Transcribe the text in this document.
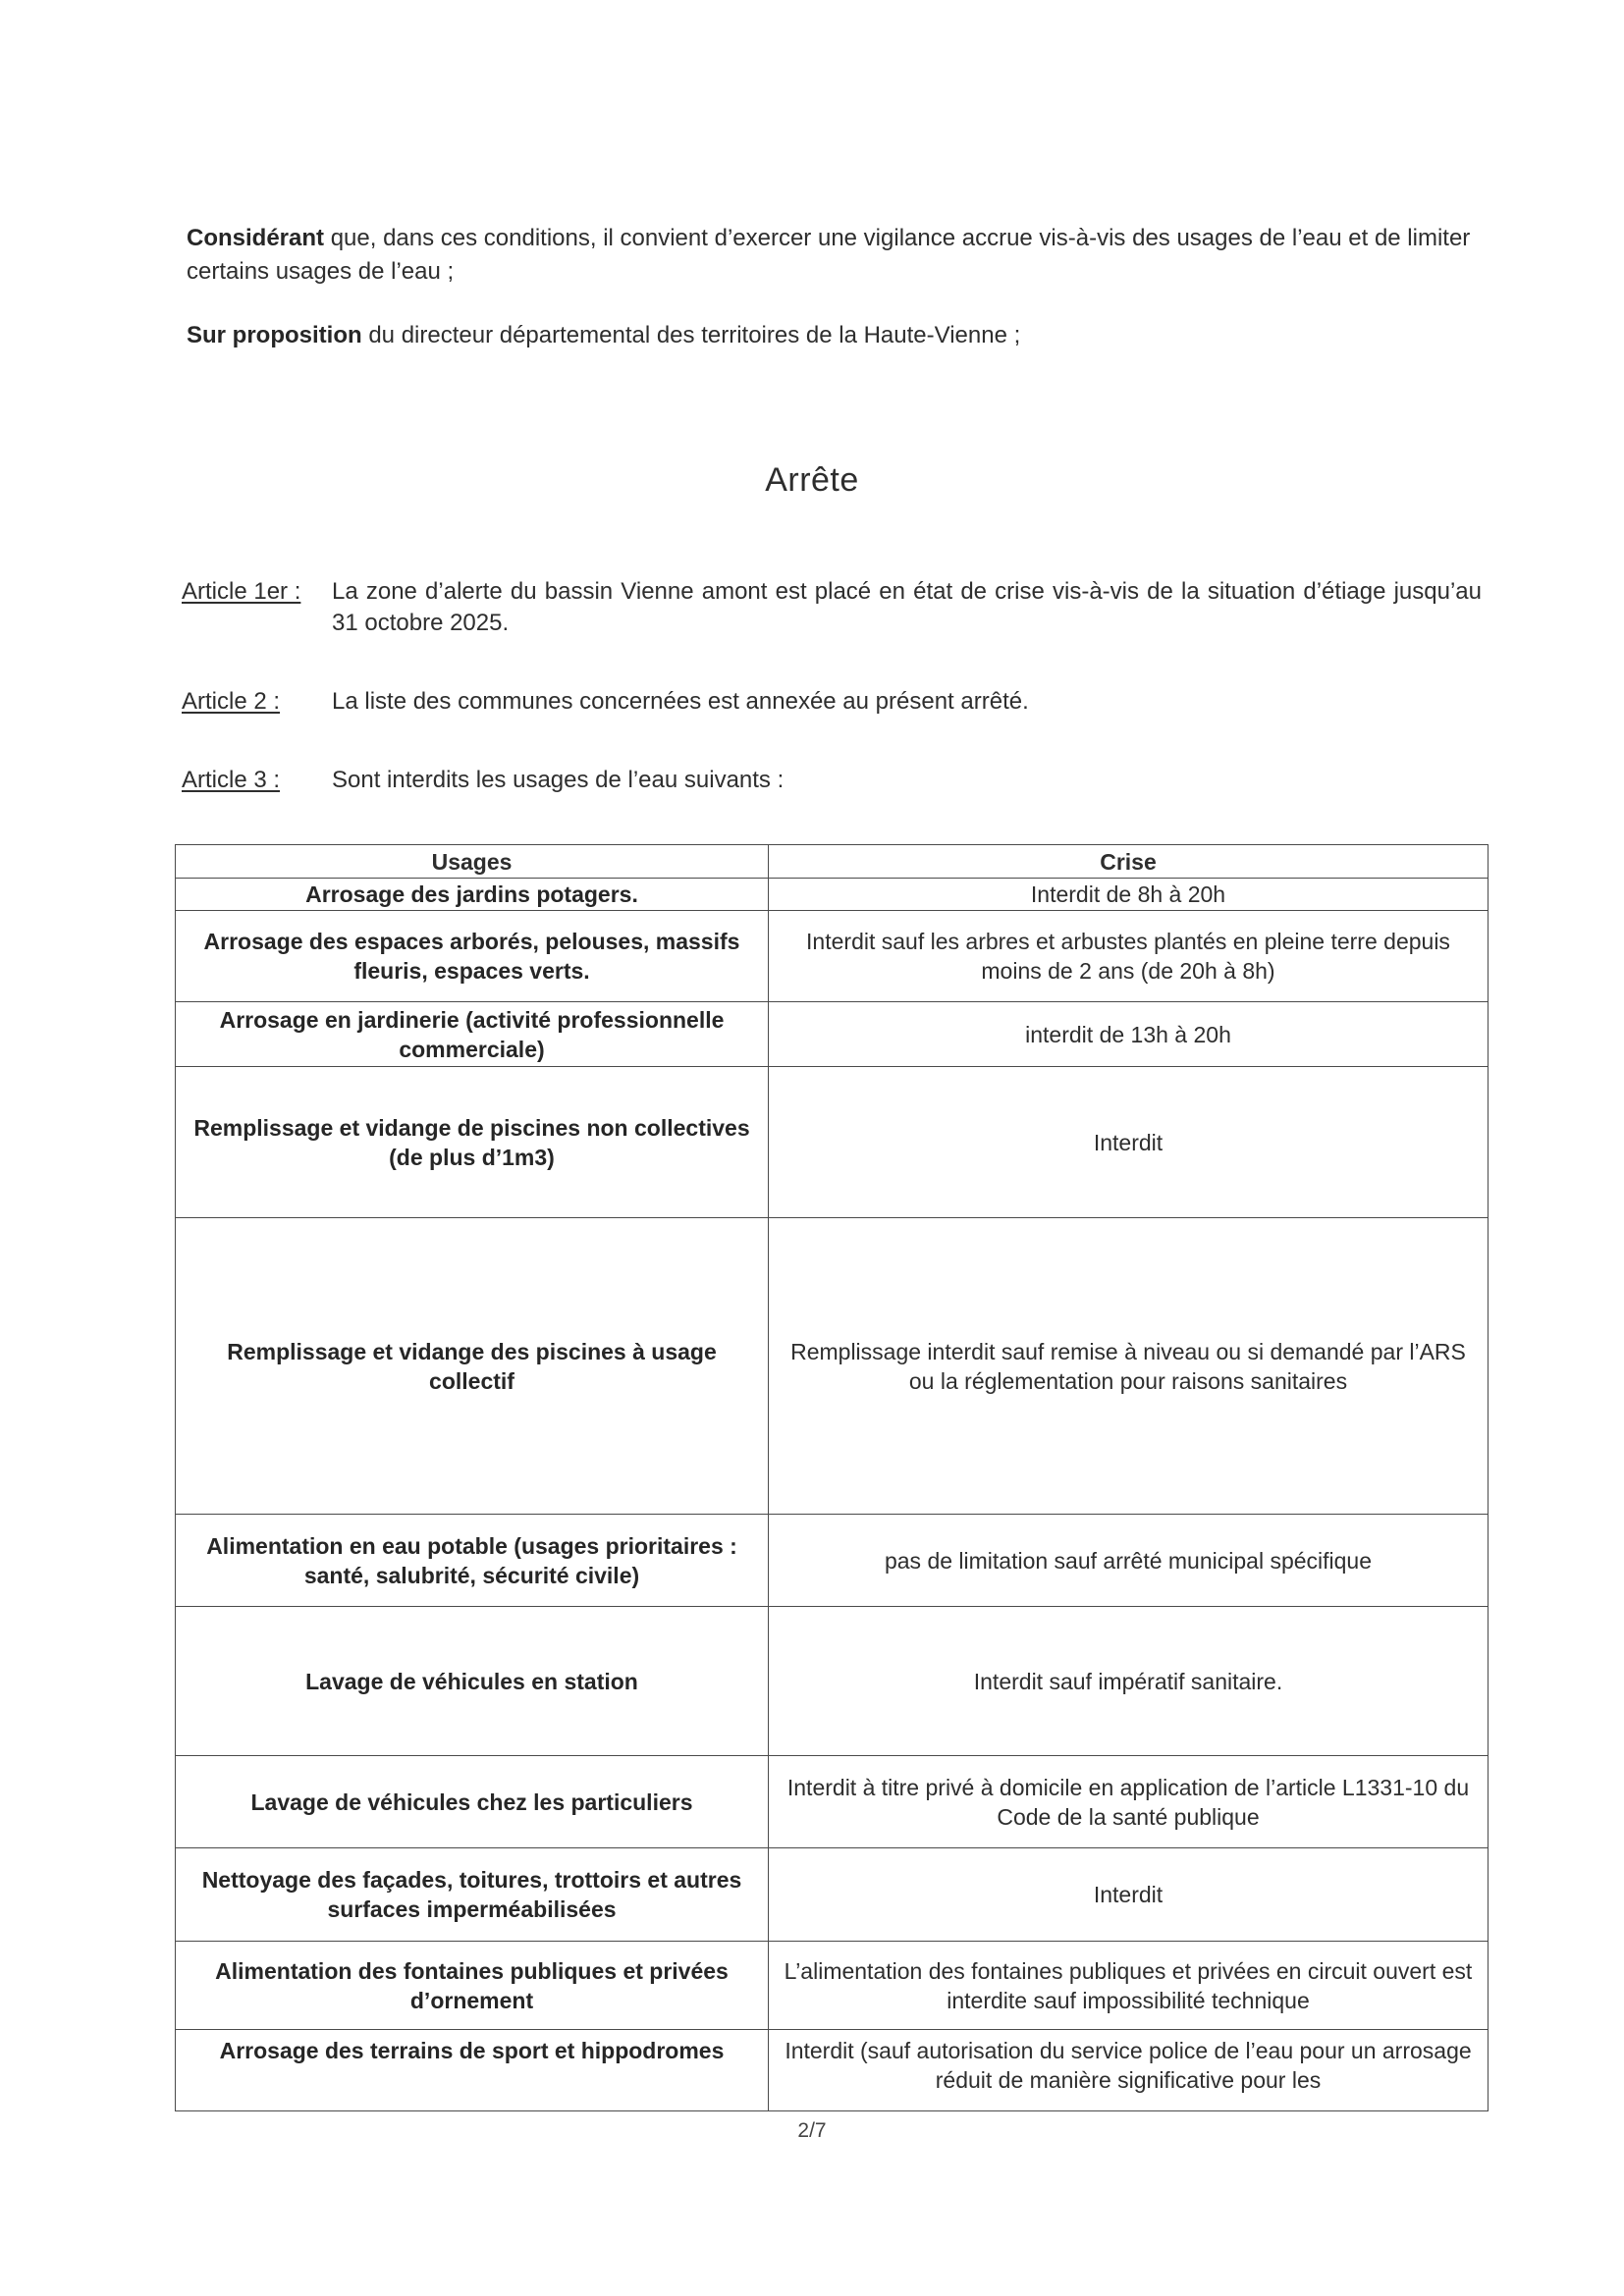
Considérant que, dans ces conditions, il convient d’exercer une vigilance accrue vis-à-vis des usages de l’eau et de limiter certains usages de l’eau ;

Sur proposition du directeur départemental des territoires de la Haute-Vienne ;

Arrête
Article 1er :	La zone d’alerte du bassin Vienne amont est placé en état de crise vis-à-vis de la situation d’étiage jusqu’au 31 octobre 2025.
Article 2 :	La liste des communes concernées est annexée au présent arrêté.
Article 3 :	Sont interdits les usages de l’eau suivants :
Usages	Crise
Arrosage des jardins potagers.	Interdit de 8h à 20h
Arrosage des espaces arborés, pelouses, massifs fleuris, espaces verts.	Interdit sauf les arbres et arbustes plantés en pleine terre depuis moins de 2 ans (de 20h à 8h)
Arrosage en jardinerie (activité professionnelle commerciale)	interdit de 13h à 20h
Remplissage et vidange de piscines non collectives (de plus d’1m3)	Interdit
Remplissage et vidange des piscines à usage collectif	Remplissage interdit sauf remise à niveau ou si demandé par l’ARS ou la réglementation pour raisons sanitaires
Alimentation en eau potable (usages prioritaires : santé, salubrité, sécurité civile)	pas de limitation sauf arrêté municipal spécifique
Lavage de véhicules en station	Interdit sauf impératif sanitaire.
Lavage de véhicules chez les particuliers	Interdit à titre privé à domicile en application de l’article L1331-10 du Code de la santé publique
Nettoyage des façades, toitures, trottoirs et autres surfaces imperméabilisées	Interdit
Alimentation des fontaines publiques et privées d’ornement	L’alimentation des fontaines publiques et privées en circuit ouvert est interdite sauf impossibilité technique
Arrosage des terrains de sport et hippodromes	Interdit (sauf autorisation du service police de l’eau pour un arrosage réduit de manière significative pour les
2/7
